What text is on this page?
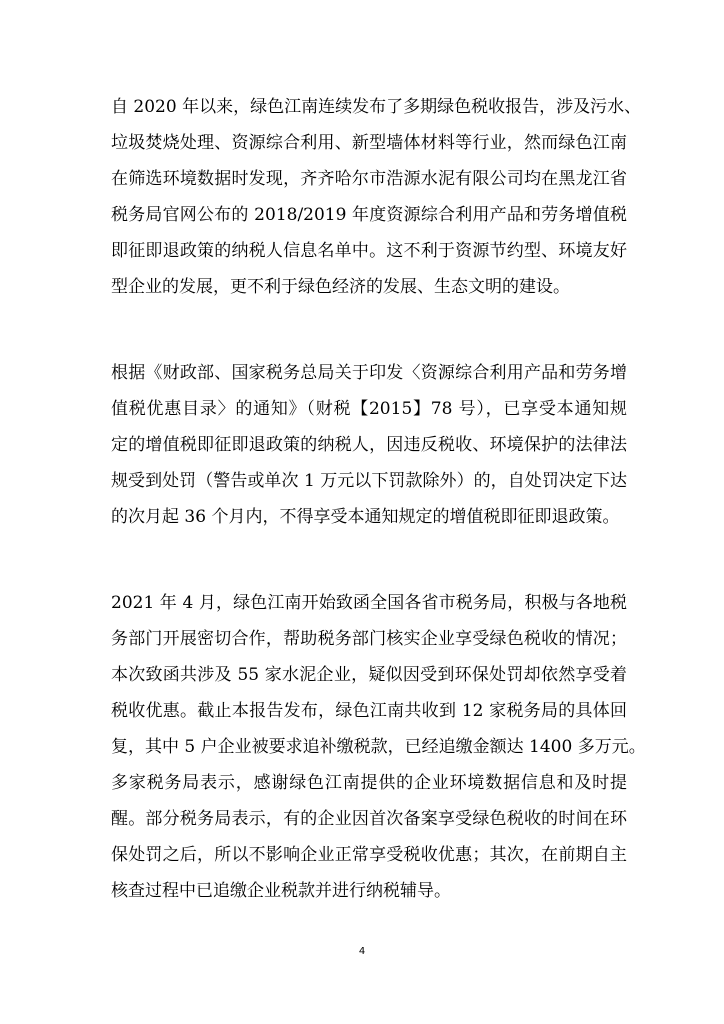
自 2020 年以来，绿色江南连续发布了多期绿色税收报告，涉及污水、
垃圾焚烧处理、资源综合利用、新型墙体材料等行业，然而绿色江南
在筛选环境数据时发现，齐齐哈尔市浩源水泥有限公司均在黑龙江省
税务局官网公布的 2018/2019 年度资源综合利用产品和劳务增值税
即征即退政策的纳税人信息名单中。这不利于资源节约型、环境友好
型企业的发展，更不利于绿色经济的发展、生态文明的建设。
根据《财政部、国家税务总局关于印发〈资源综合利用产品和劳务增
值税优惠目录〉的通知》（财税【2015】78 号），已享受本通知规
定的增值税即征即退政策的纳税人，因违反税收、环境保护的法律法
规受到处罚（警告或单次 1 万元以下罚款除外）的，自处罚决定下达
的次月起 36 个月内，不得享受本通知规定的增值税即征即退政策。
2021 年 4 月，绿色江南开始致函全国各省市税务局，积极与各地税
务部门开展密切合作，帮助税务部门核实企业享受绿色税收的情况；
本次致函共涉及 55 家水泥企业，疑似因受到环保处罚却依然享受着
税收优惠。截止本报告发布，绿色江南共收到 12 家税务局的具体回
复，其中 5 户企业被要求追补缴税款，已经追缴金额达 1400 多万元。
多家税务局表示，感谢绿色江南提供的企业环境数据信息和及时提
醒。部分税务局表示，有的企业因首次备案享受绿色税收的时间在环
保处罚之后，所以不影响企业正常享受税收优惠；其次，在前期自主
核查过程中已追缴企业税款并进行纳税辅导。
4
